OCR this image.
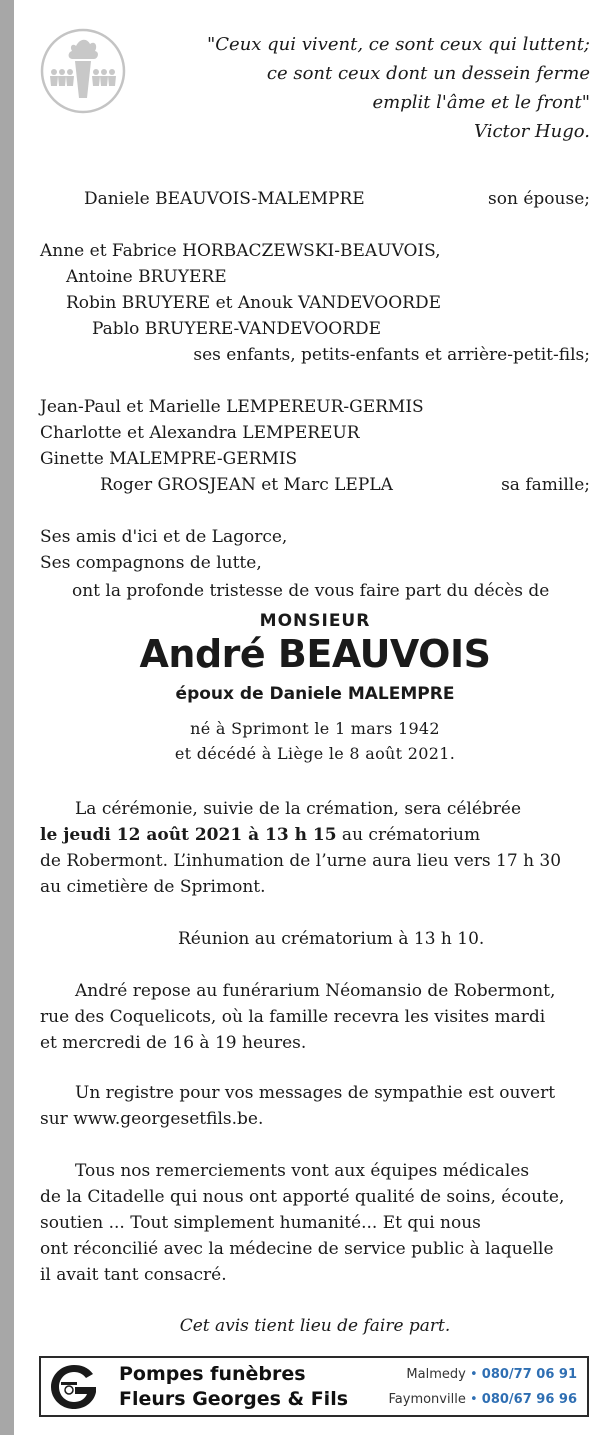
"Ceux qui vivent, ce sont ceux qui luttent;
ce sont ceux dont un dessein ferme
emplit l'âme et le front"
Victor Hugo.
Daniele BEAUVOIS-MALEMPRE	son épouse;
Anne et Fabrice HORBACZEWSKI-BEAUVOIS,
Antoine BRUYERE
Robin BRUYERE et Anouk VANDEVOORDE
Pablo BRUYERE-VANDEVOORDE
ses enfants, petits-enfants et arrière-petit-fils;
Jean-Paul et Marielle LEMPEREUR-GERMIS
Charlotte et Alexandra LEMPEREUR
Ginette MALEMPRE-GERMIS
Roger GROSJEAN et Marc LEPLA	sa famille;
Ses amis d'ici et de Lagorce,
Ses compagnons de lutte,
ont la profonde tristesse de vous faire part du décès de
MONSIEUR
André BEAUVOIS
époux de Daniele MALEMPRE
né à Sprimont le 1 mars 1942
et décédé à Liège le 8 août 2021.
La cérémonie, suivie de la crémation, sera célébrée
le jeudi 12 août 2021 à 13 h 15 au crématorium
de Robermont. L’inhumation de l’urne aura lieu vers 17 h 30
au cimetière de Sprimont.
Réunion au crématorium à 13 h 10.
André repose au funérarium Néomansio de Robermont,
rue des Coquelicots, où la famille recevra les visites mardi
et mercredi de 16 à 19 heures.
Un registre pour vos messages de sympathie est ouvert
sur www.georgesetfils.be.
Tous nos remerciements vont aux équipes médicales
de la Citadelle qui nous ont apporté qualité de soins, écoute,
soutien ... Tout simplement humanité... Et qui nous
ont réconcilié avec la médecine de service public à laquelle
il avait tant consacré.
Cet avis tient lieu de faire part.
Pompes funèbres
Fleurs Georges & Fils
Malmedy • 080/77 06 91
Faymonville • 080/67 96 96
